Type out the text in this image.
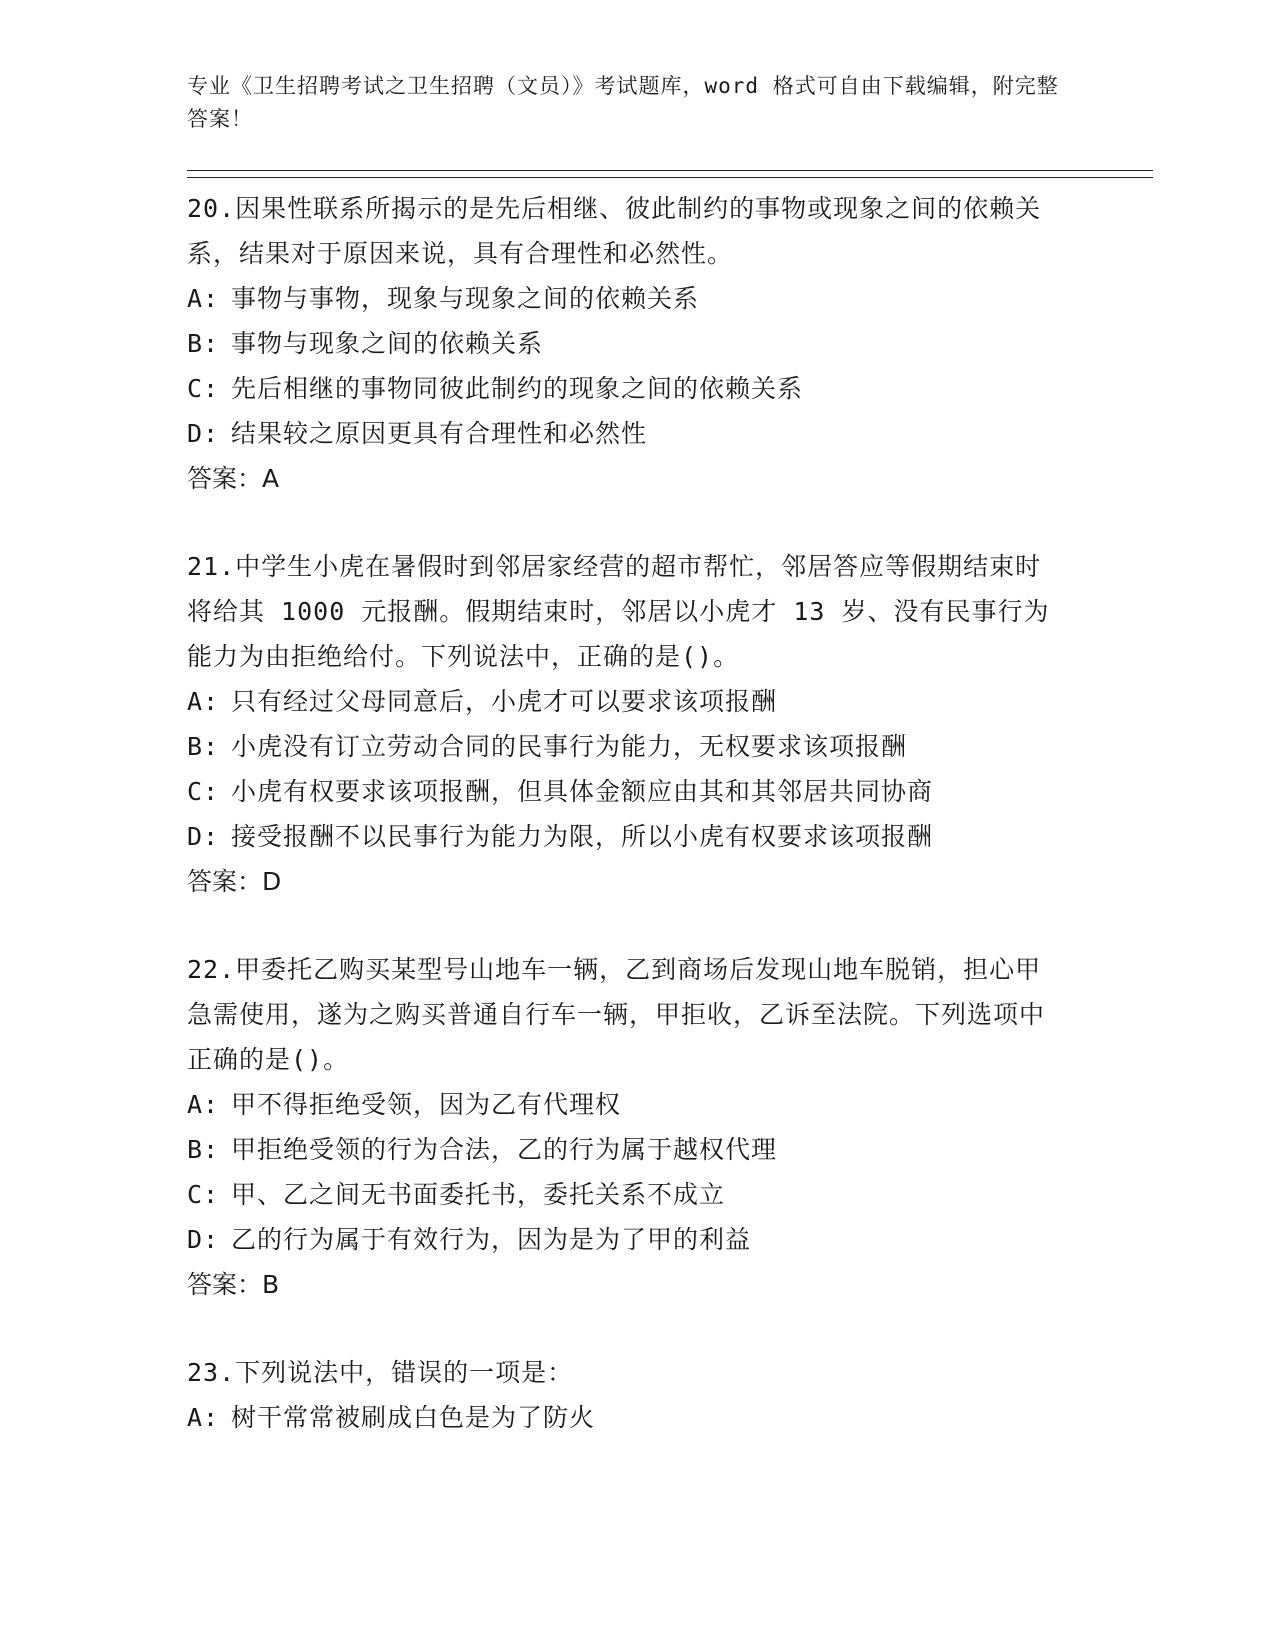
专业《卫生招聘考试之卫生招聘（文员）》考试题库，word 格式可自由下载编辑，附完整答案！
20.因果性联系所揭示的是先后相继、彼此制约的事物或现象之间的依赖关系，结果对于原因来说，具有合理性和必然性。
A: 事物与事物，现象与现象之间的依赖关系
B: 事物与现象之间的依赖关系
C: 先后相继的事物同彼此制约的现象之间的依赖关系
D: 结果较之原因更具有合理性和必然性
答案：A
21.中学生小虎在暑假时到邻居家经营的超市帮忙，邻居答应等假期结束时将给其 1000 元报酬。假期结束时，邻居以小虎才 13 岁、没有民事行为能力为由拒绝给付。下列说法中，正确的是()。
A: 只有经过父母同意后，小虎才可以要求该项报酬
B: 小虎没有订立劳动合同的民事行为能力，无权要求该项报酬
C: 小虎有权要求该项报酬，但具体金额应由其和其邻居共同协商
D: 接受报酬不以民事行为能力为限，所以小虎有权要求该项报酬
答案：D
22.甲委托乙购买某型号山地车一辆，乙到商场后发现山地车脱销，担心甲急需使用，遂为之购买普通自行车一辆，甲拒收，乙诉至法院。下列选项中正确的是()。
A: 甲不得拒绝受领，因为乙有代理权
B: 甲拒绝受领的行为合法，乙的行为属于越权代理
C: 甲、乙之间无书面委托书，委托关系不成立
D: 乙的行为属于有效行为，因为是为了甲的利益
答案：B
23.下列说法中，错误的一项是：
A: 树干常常被刷成白色是为了防火
